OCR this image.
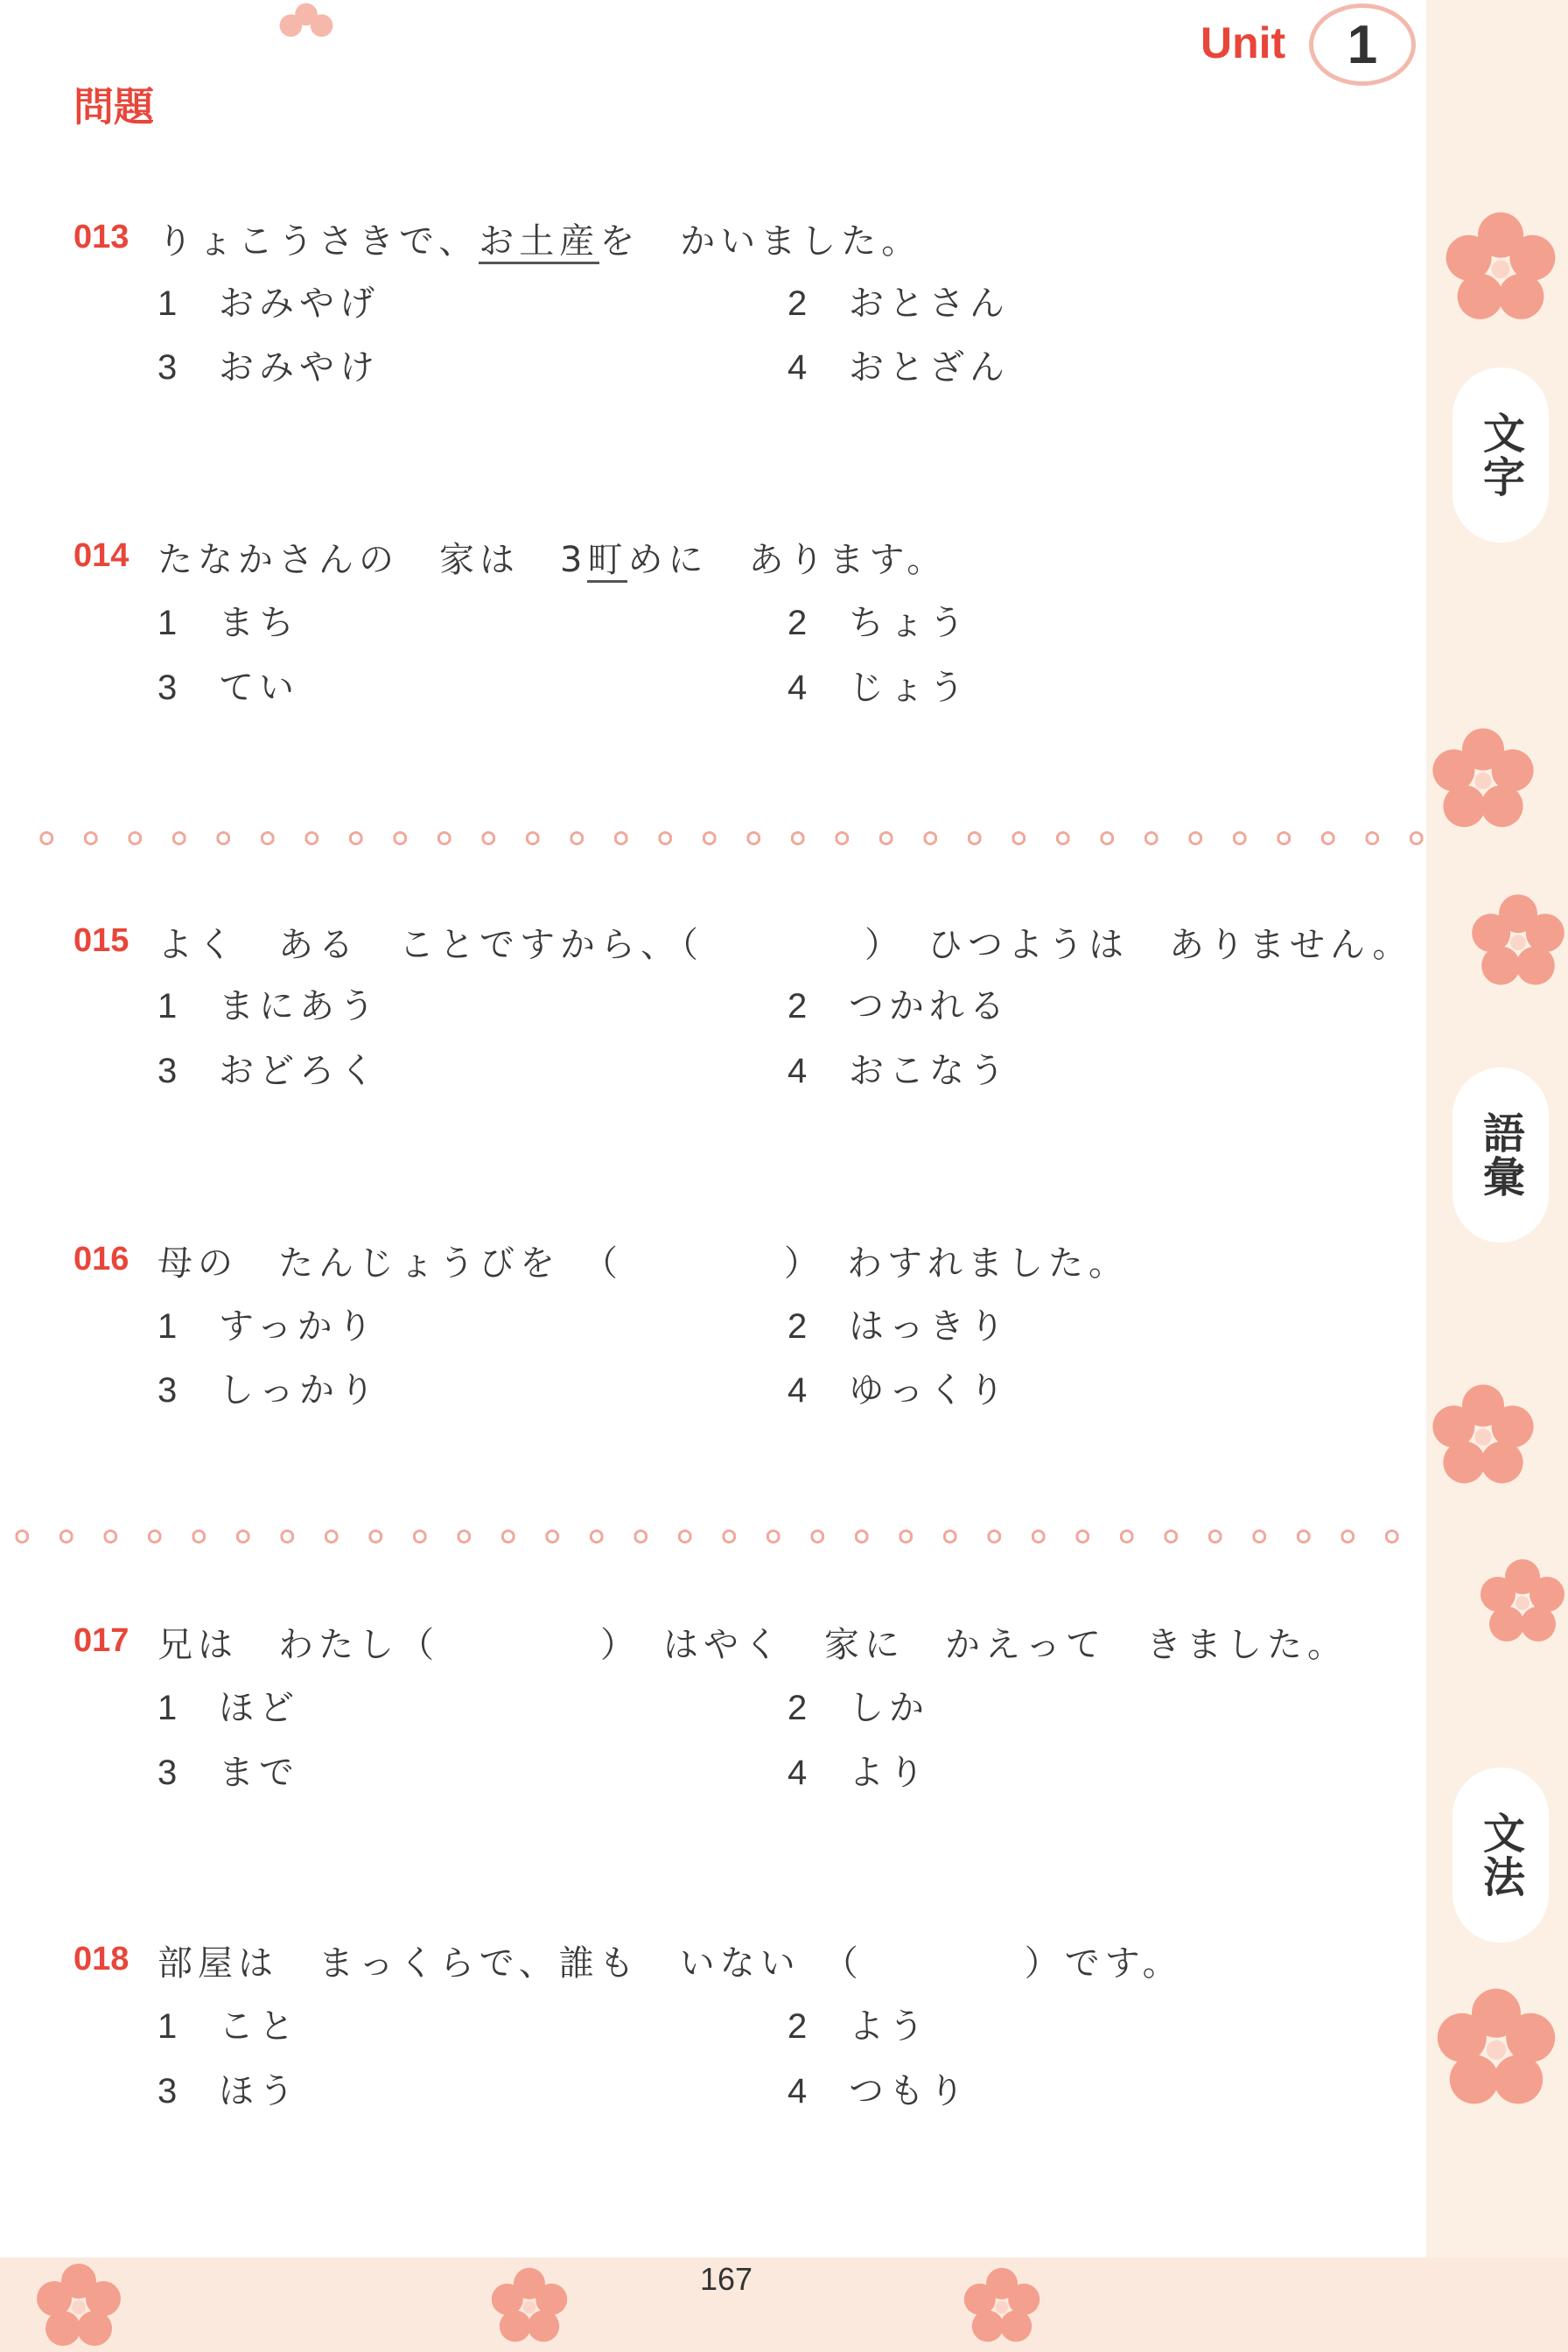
Unit	1
問題
文字
語彙
文法
013 りょこうさきで、お土産を　かいました。
1 おみやげ	2 おとさん
3 おみやけ	4 おとざん
014 たなかさんの　家は　3町めに　あります。
1 まち	2 ちょう
3 てい	4 じょう
015 よく　ある　ことですから、（　　　　）　ひつようは　ありません。
1 まにあう	2 つかれる
3 おどろく	4 おこなう
016 母の　たんじょうびを　（　　　　）　わすれました。
1 すっかり	2 はっきり
3 しっかり	4 ゆっくり
017 兄は　わたし（　　　　）　はやく　家に　かえって　きました。
1 ほど	2 しか
3 まで	4 より
018 部屋は　まっくらで、誰も　いない　（　　　　）です。
1 こと	2 よう
3 ほう	4 つもり
167
